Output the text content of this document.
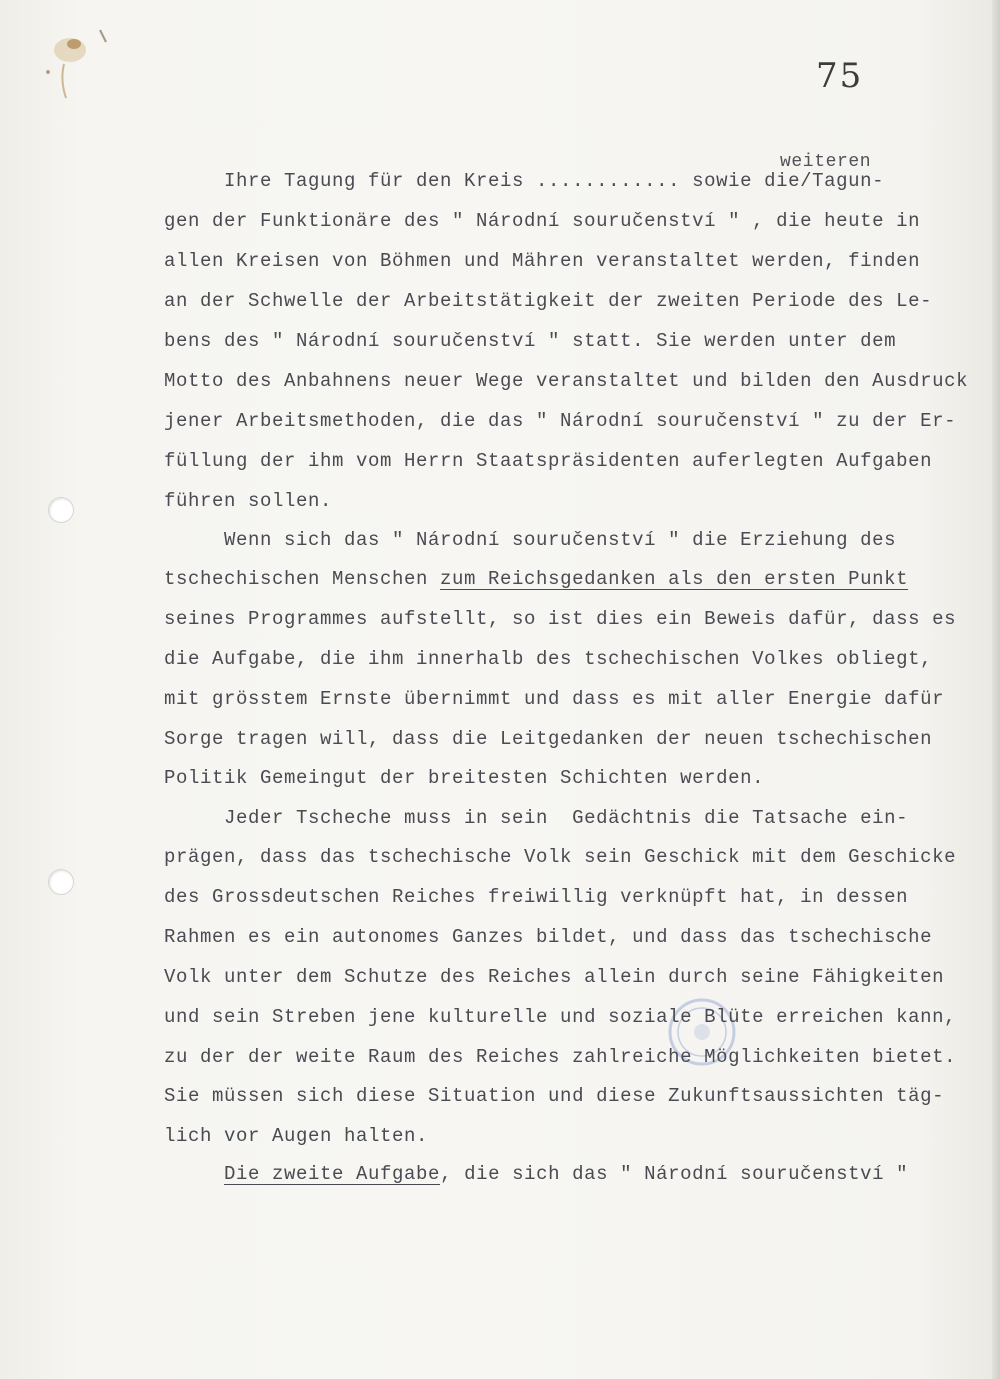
75
weiteren
Ihre Tagung für den Kreis ............ sowie die/Tagun-
gen der Funktionäre des " Národní souručenství " , die heute in
allen Kreisen von Böhmen und Mähren veranstaltet werden, finden
an der Schwelle der Arbeitstätigkeit der zweiten Periode des Le-
bens des " Národní souručenství " statt. Sie werden unter dem
Motto des Anbahnens neuer Wege veranstaltet und bilden den Ausdruck
jener Arbeitsmethoden, die das " Národní souručenství " zu der Er-
füllung der ihm vom Herrn Staatspräsidenten auferlegten Aufgaben
führen sollen.
Wenn sich das " Národní souručenství " die Erziehung des
tschechischen Menschen zum Reichsgedanken als den ersten Punkt
seines Programmes aufstellt, so ist dies ein Beweis dafür, dass es
die Aufgabe, die ihm innerhalb des tschechischen Volkes obliegt,
mit grösstem Ernste übernimmt und dass es mit aller Energie dafür
Sorge tragen will, dass die Leitgedanken der neuen tschechischen
Politik Gemeingut der breitesten Schichten werden.
Jeder Tscheche muss in sein  Gedächtnis die Tatsache ein-
prägen, dass das tschechische Volk sein Geschick mit dem Geschicke
des Grossdeutschen Reiches freiwillig verknüpft hat, in dessen
Rahmen es ein autonomes Ganzes bildet, und dass das tschechische
Volk unter dem Schutze des Reiches allein durch seine Fähigkeiten
und sein Streben jene kulturelle und soziale Blüte erreichen kann,
zu der der weite Raum des Reiches zahlreiche Möglichkeiten bietet.
Sie müssen sich diese Situation und diese Zukunftsaussichten täg-
lich vor Augen halten.
Die zweite Aufgabe, die sich das " Národní souručenství "
